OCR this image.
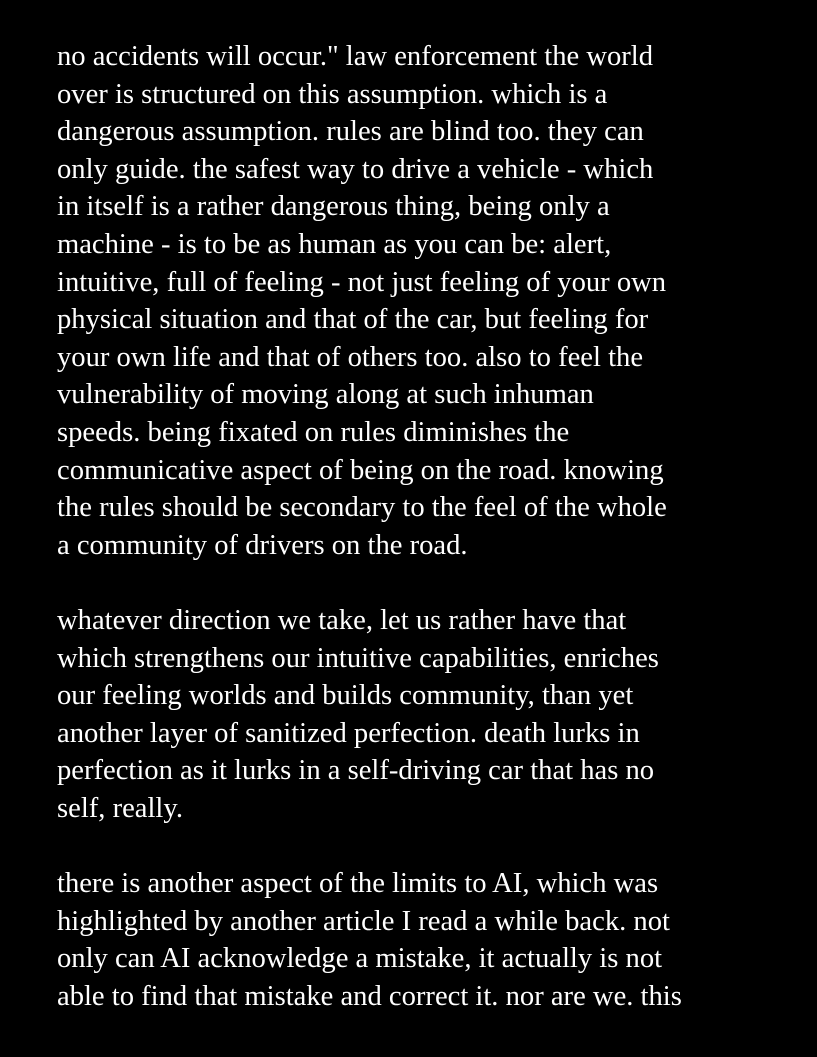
no accidents will occur." law enforcement the world
over is structured on this assumption. which is a
dangerous assumption. rules are blind too. they can
only guide. the safest way to drive a vehicle - which
in itself is a rather dangerous thing, being only a
machine - is to be as human as you can be: alert,
intuitive, full of feeling - not just feeling of your own
physical situation and that of the car, but feeling for
your own life and that of others too. also to feel the
vulnerability of moving along at such inhuman
speeds. being fixated on rules diminishes the
communicative aspect of being on the road. knowing
the rules should be secondary to the feel of the whole
a community of drivers on the road.
whatever direction we take, let us rather have that
which strengthens our intuitive capabilities, enriches
our feeling worlds and builds community, than yet
another layer of sanitized perfection. death lurks in
perfection as it lurks in a self-driving car that has no
self, really.
there is another aspect of the limits to AI, which was
highlighted by another article I read a while back. not
only can AI acknowledge a mistake, it actually is not
able to find that mistake and correct it. nor are we. this
